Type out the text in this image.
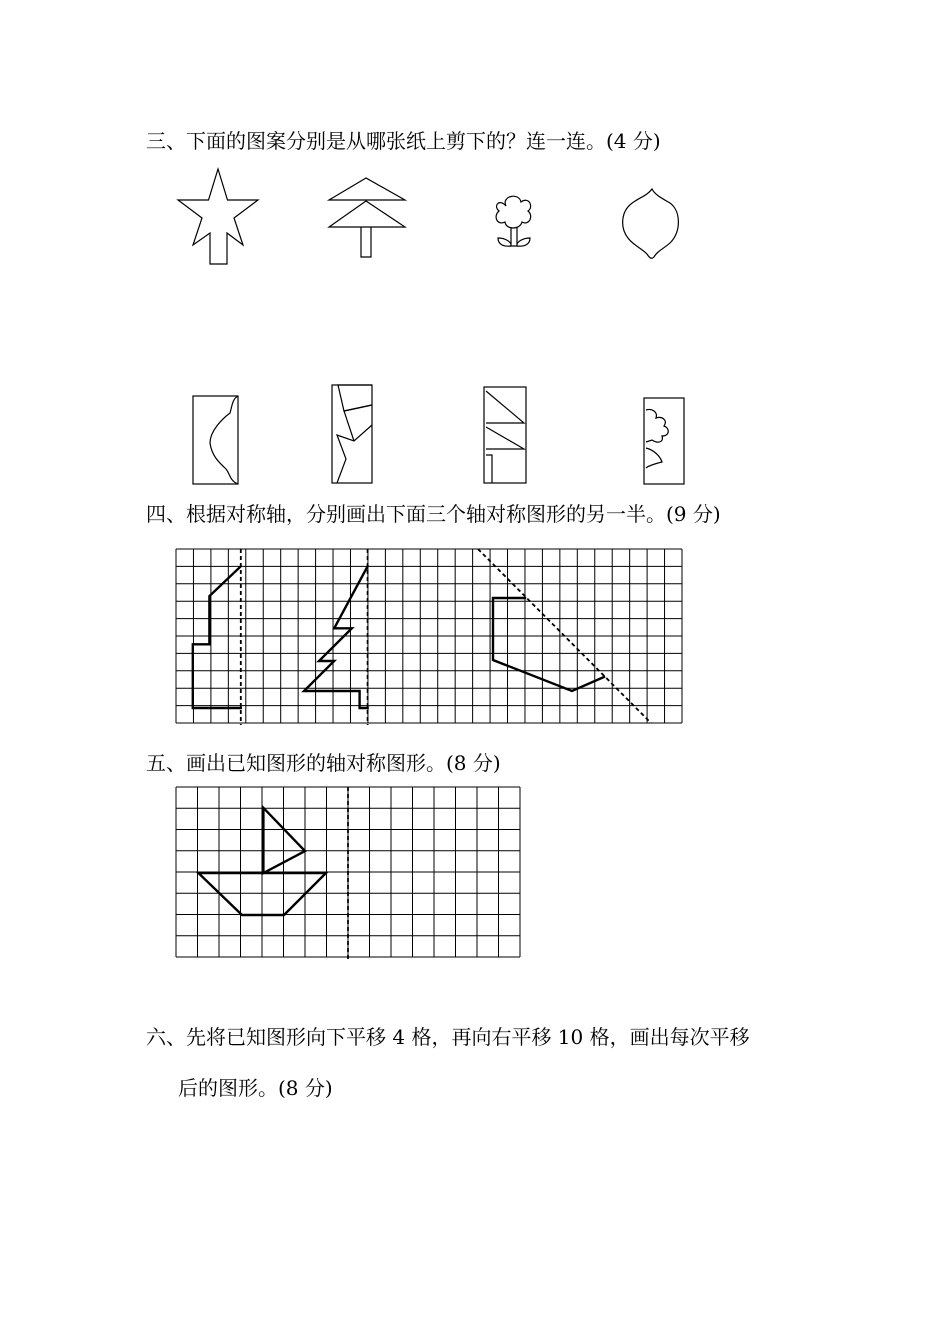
三、下面的图案分别是从哪张纸上剪下的？连一连。(4 分)
四、根据对称轴，分别画出下面三个轴对称图形的另一半。(9 分)
五、画出已知图形的轴对称图形。(8 分)
六、先将已知图形向下平移 4 格，再向右平移 10 格，画出每次平移
后的图形。(8 分)
